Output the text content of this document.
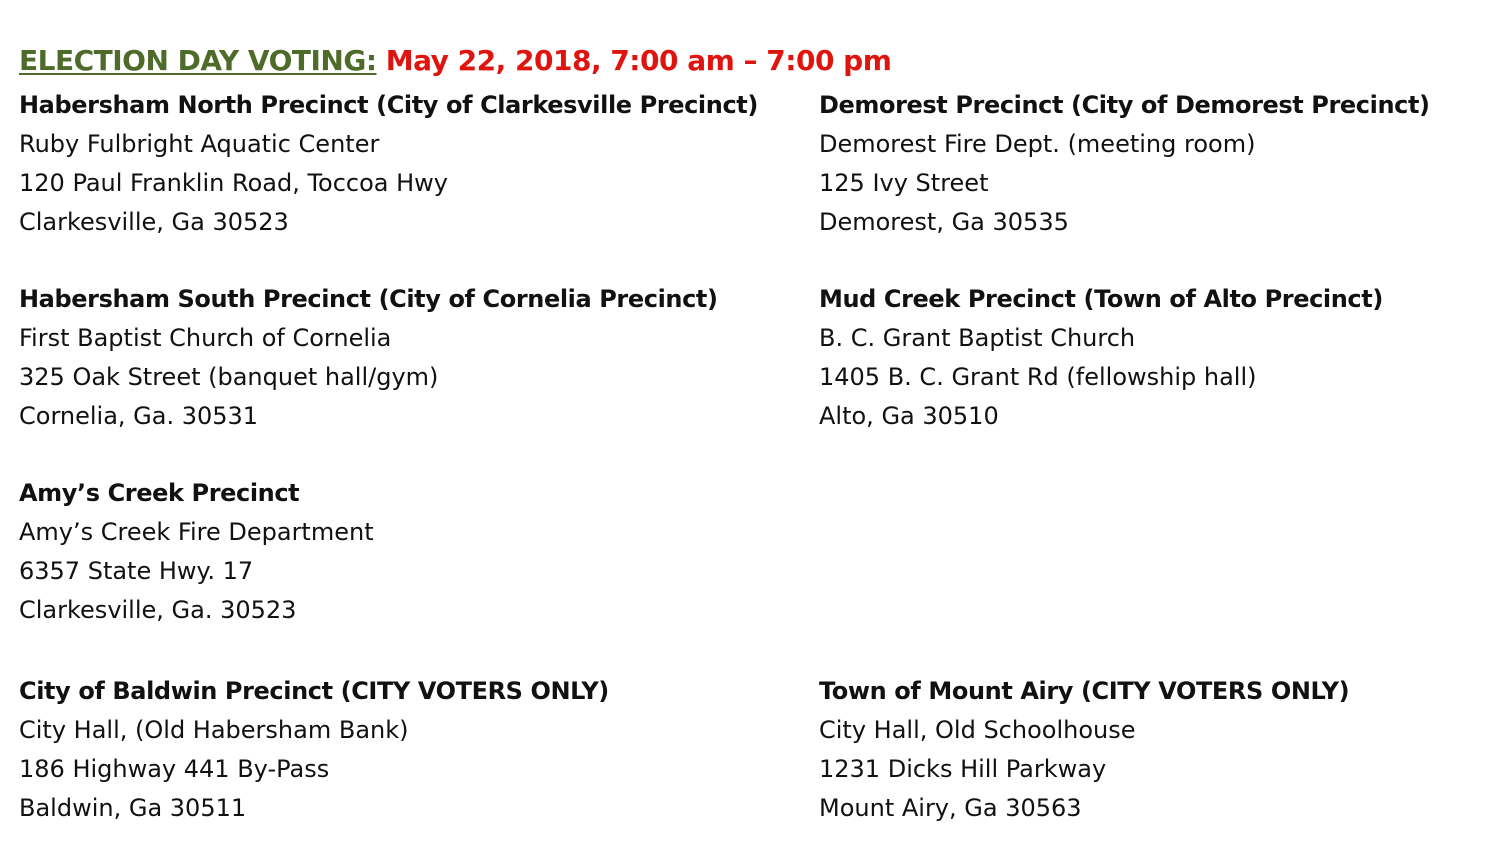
ELECTION DAY VOTING: May 22, 2018, 7:00 am – 7:00 pm
Habersham North Precinct (City of Clarkesville Precinct)
Ruby Fulbright Aquatic Center
120 Paul Franklin Road, Toccoa Hwy
Clarkesville, Ga 30523
Demorest Precinct (City of Demorest Precinct)
Demorest Fire Dept. (meeting room)
125 Ivy Street
Demorest, Ga 30535
Habersham South Precinct (City of Cornelia Precinct)
First Baptist Church of Cornelia
325 Oak Street (banquet hall/gym)
Cornelia, Ga. 30531
Mud Creek Precinct (Town of Alto Precinct)
B. C. Grant Baptist Church
1405 B. C. Grant Rd (fellowship hall)
Alto, Ga 30510
Amy’s Creek Precinct
Amy’s Creek Fire Department
6357 State Hwy. 17
Clarkesville, Ga. 30523
City of Baldwin Precinct (CITY VOTERS ONLY)
City Hall, (Old Habersham Bank)
186 Highway 441 By-Pass
Baldwin, Ga 30511
Town of Mount Airy (CITY VOTERS ONLY)
City Hall, Old Schoolhouse
1231 Dicks Hill Parkway
Mount Airy, Ga 30563
